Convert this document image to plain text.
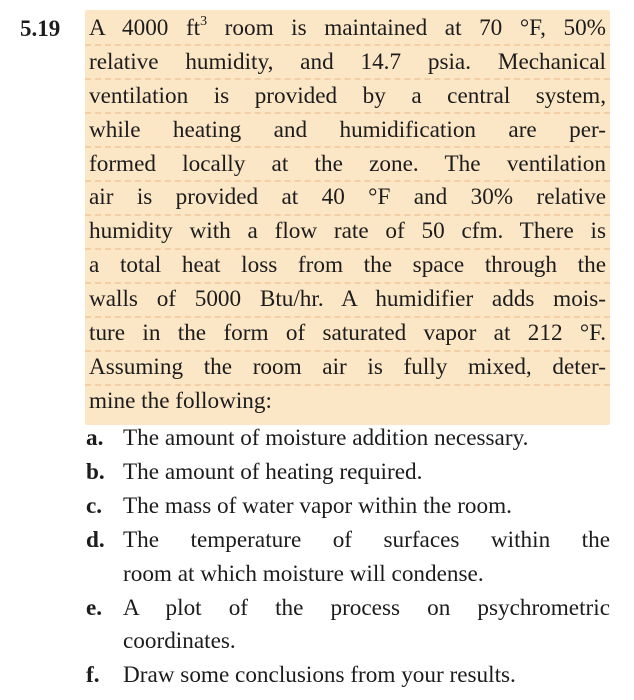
5.19 A 4000 $ft^3$ room is maintained at 70 °F, 50%
relative humidity, and 14.7 psia. Mechanical
ventilation is provided by a central system,
while heating and humidification are per-
formed locally at the zone. The ventilation
air is provided at 40 °F and 30% relative
humidity with a flow rate of 50 cfm. There is
a total heat loss from the space through the
walls of 5000 Btu/hr. A humidifier adds mois-
ture in the form of saturated vapor at 212 °F.
Assuming the room air is fully mixed, deter-
mine the following:
a. The amount of moisture addition necessary.
b. The amount of heating required.
c. The mass of water vapor within the room.
d. The temperature of surfaces within the
room at which moisture will condense.
e. A plot of the process on psychrometric
coordinates.
f.	Draw some conclusions from your results.
